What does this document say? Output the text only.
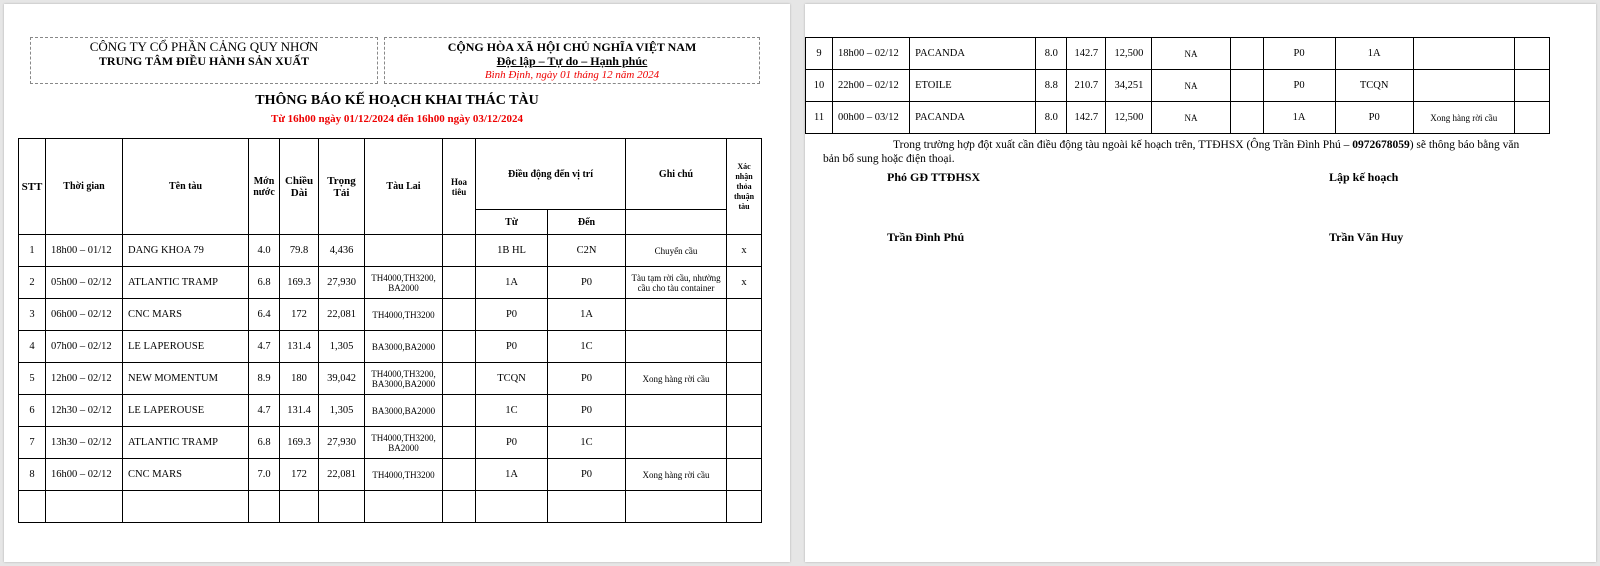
CÔNG TY CỔ PHẦN CẢNG QUY NHƠN
TRUNG TÂM ĐIỀU HÀNH SẢN XUẤT
CỘNG HÒA XÃ HỘI CHỦ NGHĨA VIỆT NAM
Độc lập – Tự do – Hạnh phúc
Bình Định, ngày 01 tháng 12 năm 2024
THÔNG BÁO KẾ HOẠCH KHAI THÁC TÀU
Từ 16h00 ngày 01/12/2024 đến 16h00 ngày 03/12/2024
STT	Thời gian	Tên tàu	Mớn nước	Chiều Dài	Trọng Tải	Tàu Lai	Hoa tiêu	Điều động đến vị trí		Ghi chú	Xác nhận thỏa thuận tàu
								Từ	Đến		
1	18h00 – 01/12	DANG KHOA 79	4.0	79.8	4,436			1B HL	C2N	Chuyển cầu	x
2	05h00 – 02/12	ATLANTIC TRAMP	6.8	169.3	27,930	TH4000,TH3200, BA2000		1A	P0	Tàu tạm rời cầu, nhường cầu cho tàu container	x
3	06h00 – 02/12	CNC MARS	6.4	172	22,081	TH4000,TH3200		P0	1A		
4	07h00 – 02/12	LE LAPEROUSE	4.7	131.4	1,305	BA3000,BA2000		P0	1C		
5	12h00 – 02/12	NEW MOMENTUM	8.9	180	39,042	TH4000,TH3200, BA3000,BA2000		TCQN	P0	Xong hàng rời cầu	
6	12h30 – 02/12	LE LAPEROUSE	4.7	131.4	1,305	BA3000,BA2000		1C	P0		
7	13h30 – 02/12	ATLANTIC TRAMP	6.8	169.3	27,930	TH4000,TH3200, BA2000		P0	1C		
8	16h00 – 02/12	CNC MARS	7.0	172	22,081	TH4000,TH3200		1A	P0	Xong hàng rời cầu	

9	18h00 – 02/12	PACANDA	8.0	142.7	12,500	NA		P0	1A		
10	22h00 – 02/12	ETOILE	8.8	210.7	34,251	NA		P0	TCQN		
11	00h00 – 03/12	PACANDA	8.0	142.7	12,500	NA		1A	P0	Xong hàng rời cầu	
Trong trường hợp đột xuất cần điều động tàu ngoài kế hoạch trên, TTĐHSX (Ông Trần Đình Phú – 0972678059) sẽ thông báo bằng văn bản bổ sung hoặc điện thoại.
Phó GĐ TTĐHSX	Lập kế hoạch
Trần Đình Phú	Trần Văn Huy
